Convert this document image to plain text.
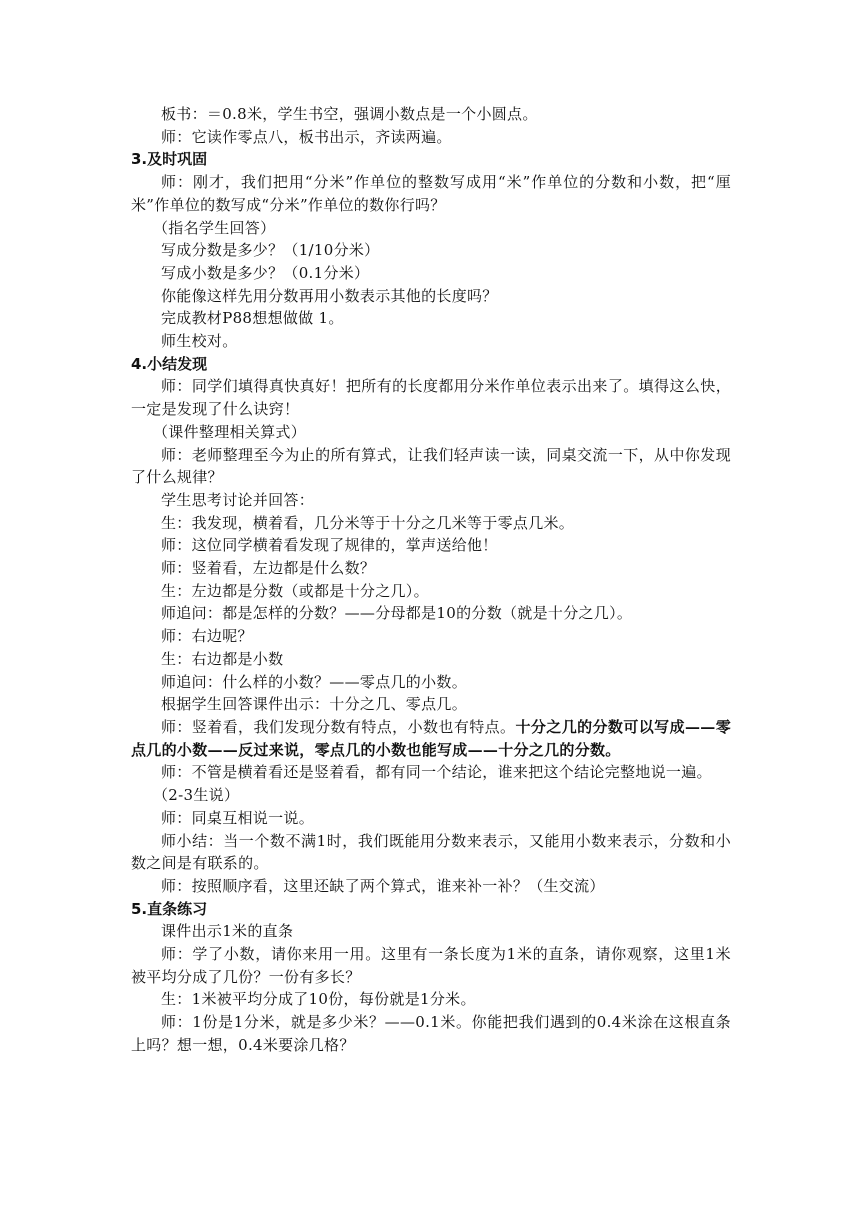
板书：＝0.8米，学生书空，强调小数点是一个小圆点。
师：它读作零点八，板书出示，齐读两遍。
3.及时巩固
师：刚才，我们把用“分米”作单位的整数写成用“米”作单位的分数和小数，把“厘米”作单位的数写成“分米”作单位的数你行吗？
（指名学生回答）
写成分数是多少？（1/10分米）
写成小数是多少？（0.1分米）
你能像这样先用分数再用小数表示其他的长度吗？
完成教材P88想想做做 1。
师生校对。
4.小结发现
师：同学们填得真快真好！把所有的长度都用分米作单位表示出来了。填得这么快，一定是发现了什么诀窍！
（课件整理相关算式）
师：老师整理至今为止的所有算式，让我们轻声读一读，同桌交流一下，从中你发现了什么规律？
学生思考讨论并回答：
生：我发现，横着看，几分米等于十分之几米等于零点几米。
师：这位同学横着看发现了规律的，掌声送给他！
师：竖着看，左边都是什么数？
生：左边都是分数（或都是十分之几）。
师追问：都是怎样的分数？——分母都是10的分数（就是十分之几）。
师：右边呢？
生：右边都是小数
师追问：什么样的小数？——零点几的小数。
根据学生回答课件出示：十分之几、零点几。
师：竖着看，我们发现分数有特点，小数也有特点。十分之几的分数可以写成——零点几的小数——反过来说，零点几的小数也能写成——十分之几的分数。
师：不管是横着看还是竖着看，都有同一个结论，谁来把这个结论完整地说一遍。
（2-3生说）
师：同桌互相说一说。
师小结：当一个数不满1时，我们既能用分数来表示，又能用小数来表示，分数和小数之间是有联系的。
师：按照顺序看，这里还缺了两个算式，谁来补一补？（生交流）
5.直条练习
课件出示1米的直条
师：学了小数，请你来用一用。这里有一条长度为1米的直条，请你观察，这里1米被平均分成了几份？一份有多长？
生：1米被平均分成了10份，每份就是1分米。
师：1份是1分米，就是多少米？——0.1米。你能把我们遇到的0.4米涂在这根直条上吗？想一想，0.4米要涂几格？
